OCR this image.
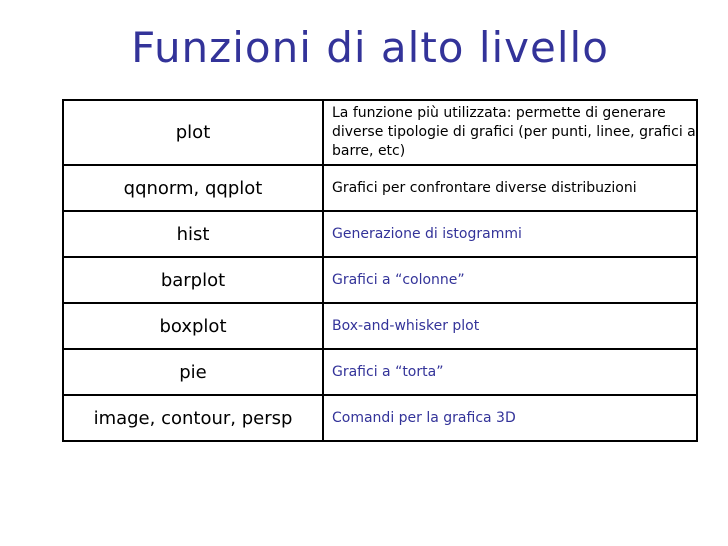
Funzioni di alto livello
plot	La funzione più utilizzata: permette di generare diverse tipologie di grafici (per punti, linee, grafici a barre, etc)
qqnorm, qqplot	Grafici per confrontare diverse distribuzioni
hist	Generazione di istogrammi
barplot	Grafici a “colonne”
boxplot	Box-and-whisker plot
pie	Grafici a “torta”
image, contour, persp	Comandi per la grafica 3D
